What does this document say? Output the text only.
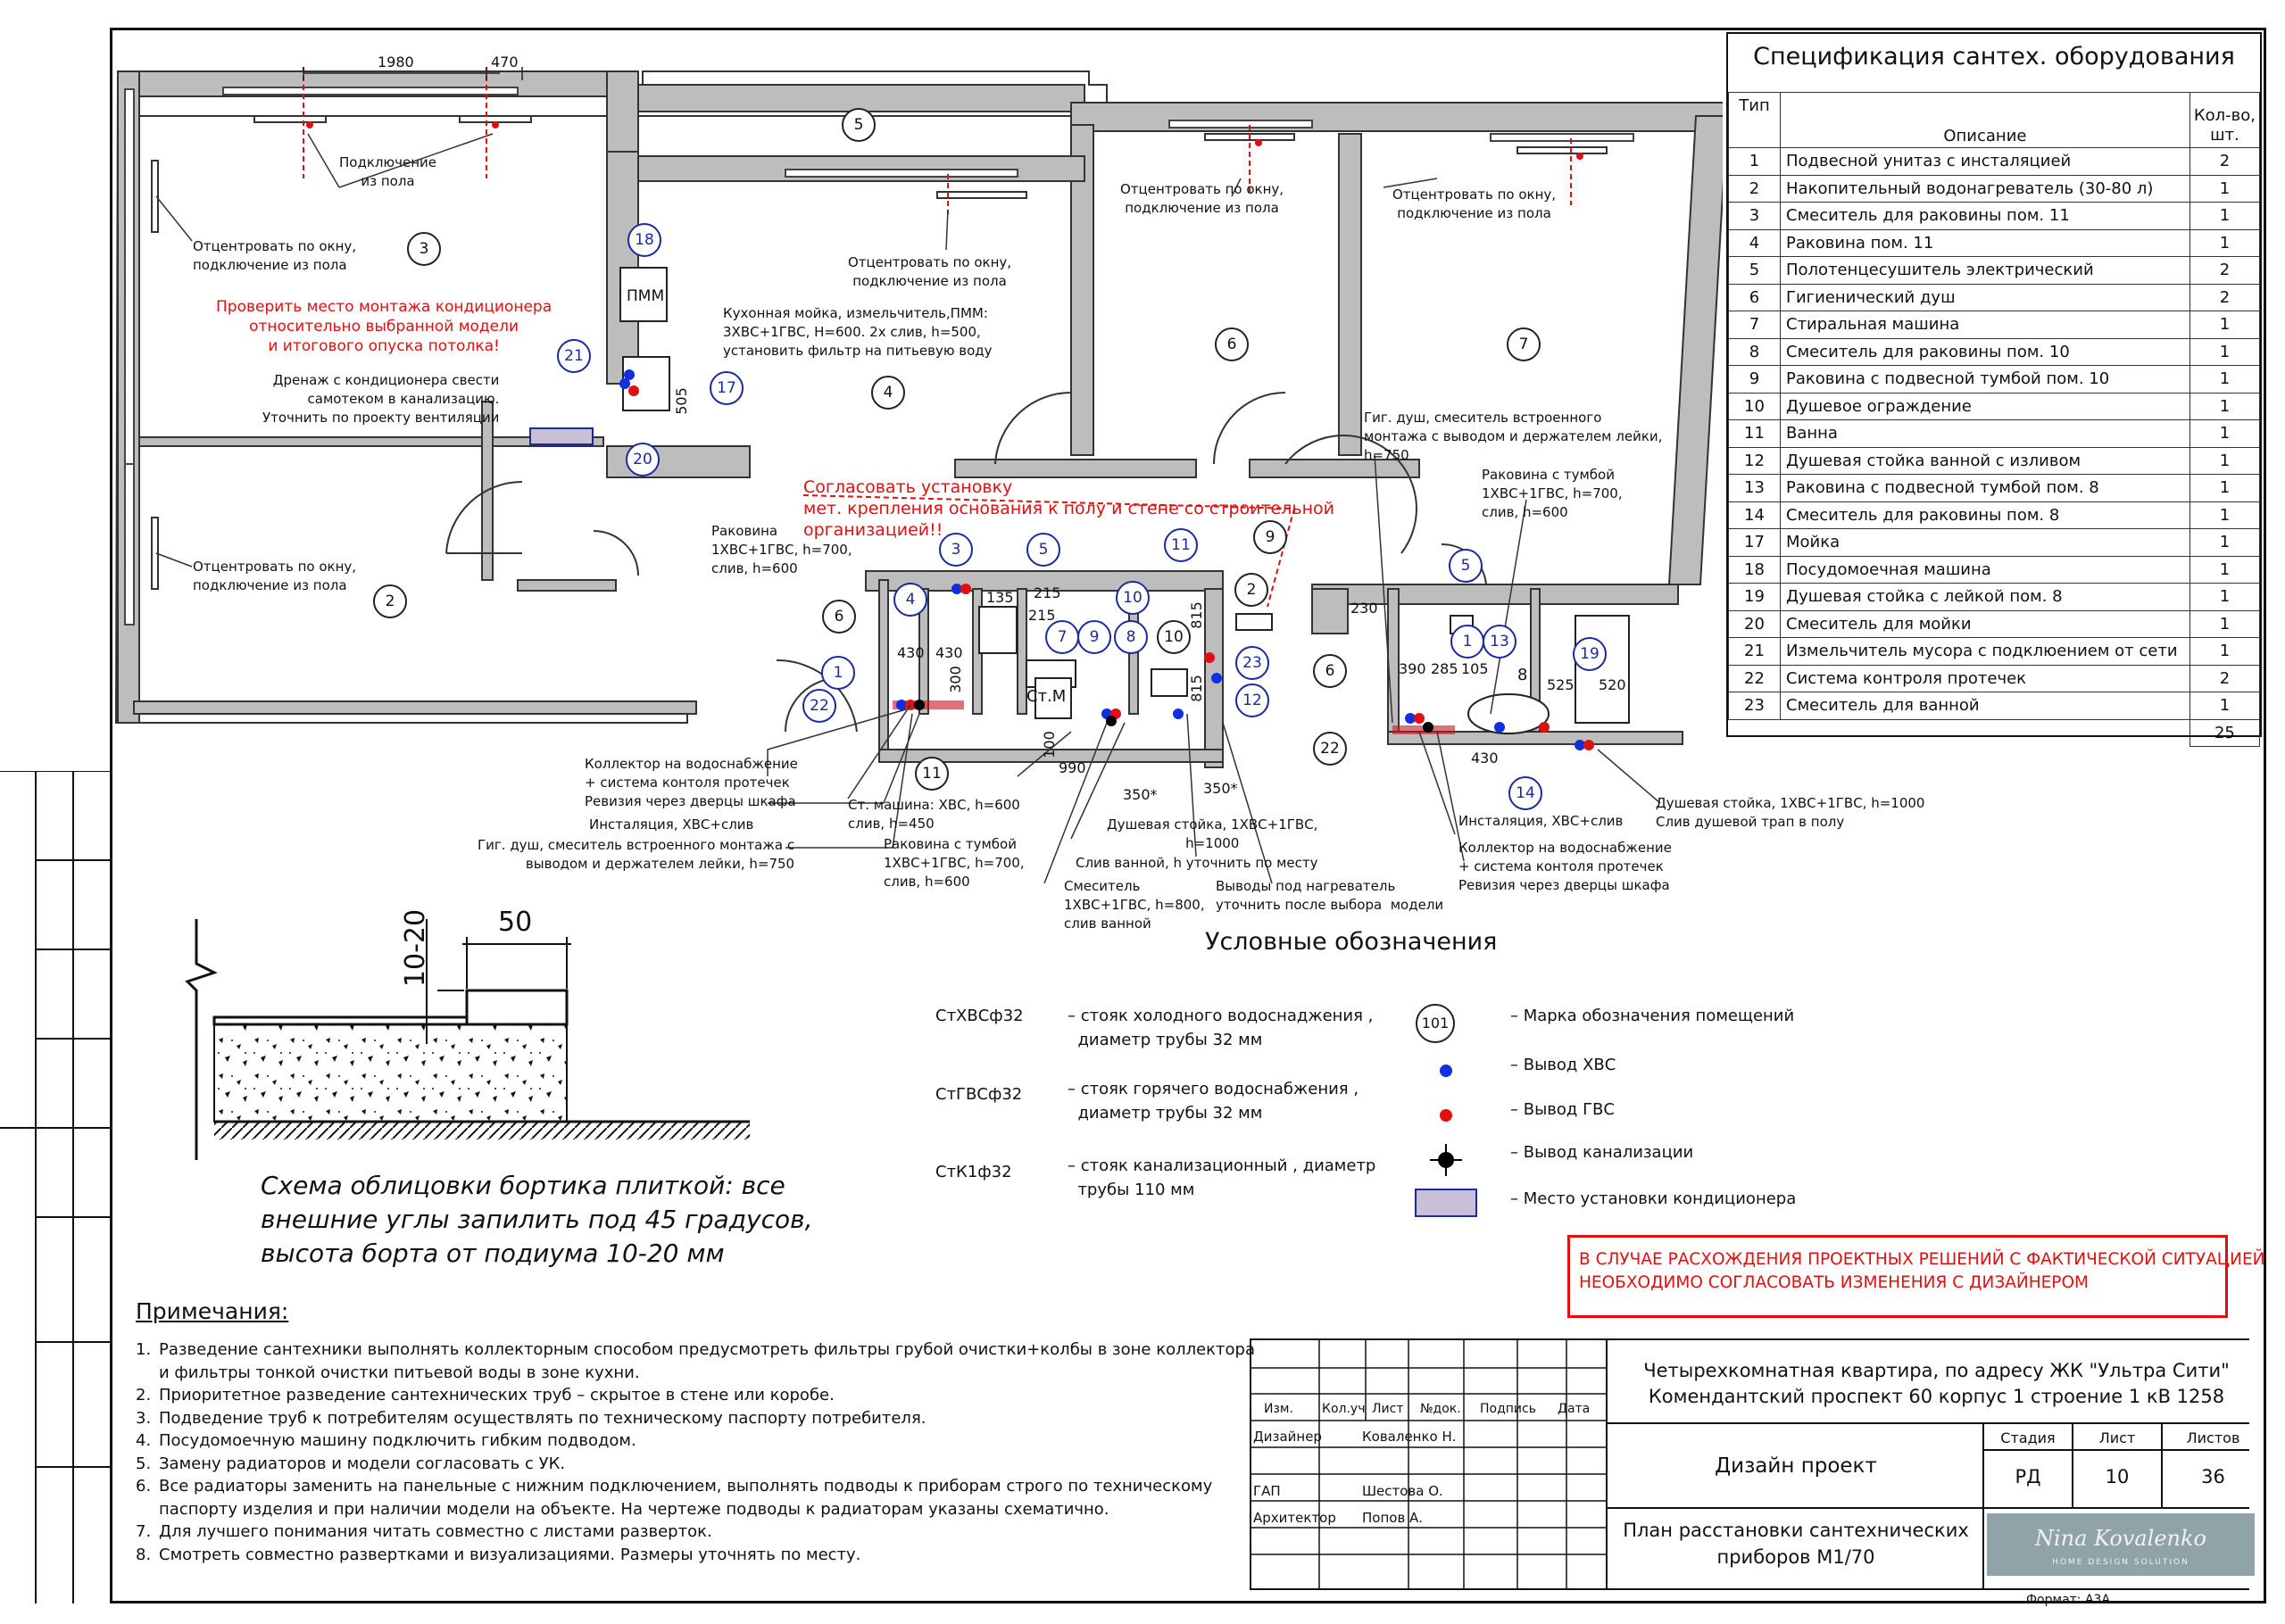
1980	470
505
135 215
215
430 430
300
100
990
350*	350*
815
815
230
390 285 105
525 520
430
Подключение
из пола
Отцентровать по окну,
подключение из пола
Отцентровать по окну,
подключение из пола
Отцентровать по окну,
подключение из пола
Отцентровать по окну,
подключение из пола
Отцентровать по окну,
подключение из пола
Проверить место монтажа кондиционера
относительно выбранной модели
и итогового опуска потолка!
Дренаж с кондиционера свести
самотеком в канализацию.
Уточнить по проекту вентиляции
Кухонная мойка, измельчитель,ПММ:
3ХВС+1ГВС, Н=600. 2х слив, h=500,
установить фильтр на питьевую воду
Согласовать установку
мет. крепления основания к полу и стене со строительной
организацией!!
Раковина
1ХВС+1ГВС, h=700,
слив, h=600
Гиг. душ, смеситель встроенного
монтажа с выводом и держателем лейки,
h=750
Раковина с тумбой
1ХВС+1ГВС, h=700,
слив, h=600
Коллектор на водоснабжение
+ система контоля протечек
Ревизия через дверцы шкафа
Инсталяция, ХВС+слив
Гиг. душ, смеситель встроенного монтажа с
выводом и держателем лейки, h=750
Ст. машина: ХВС, h=600
слив, h=450
Раковина с тумбой
1ХВС+1ГВС, h=700,
слив, h=600
Душевая стойка, 1ХВС+1ГВС,
h=1000
Слив ванной, h уточнить по месту
Смеситель
1ХВС+1ГВС, h=800,
слив ванной
Выводы под нагреватель
уточнить после выбора  модели
Инсталяция, ХВС+слив
Коллектор на водоснабжение
+ система контоля протечек
Ревизия через дверцы шкафа
Душевая стойка, 1ХВС+1ГВС, h=1000
Слив душевой трап в полу
ПММ
Ст.М
2
3
4
5
6	7
9
18
21
17
20
3	5	11
4
6
1
22
2
10
7	9	8	10
23
12
11
5
1	13
6	8
19
22
14
10-20 50
Схема облицовки бортика плиткой: все
внешние углы запилить под 45 градусов,
высота борта от подиума 10-20 мм
Спецификация сантех. оборудования
Тип	Описание	Кол-во,
шт.
1	Подвесной унитаз с инсталяцией	2
2	Накопительный водонагреватель (30-80 л)	1
3	Смеситель для раковины пом. 11	1
4	Раковина пом. 11	1
5	Полотенцесушитель электрический	2
6	Гигиенический душ	2
7	Стиральная машина	1
8	Смеситель для раковины пом. 10	1
9	Раковина с подвесной тумбой пом. 10	1
10	Душевое ограждение	1
11	Ванна	1
12	Душевая стойка ванной с изливом	1
13	Раковина с подвесной тумбой пом. 8	1
14	Смеситель для раковины пом. 8	1
17	Мойка	1
18	Посудомоечная машина	1
19	Душевая стойка с лейкой пом. 8	1
20	Смеситель для мойки	1
21	Измельчитель мусора с подклюением от сети	1
22	Система контроля протечек	2
23	Смеситель для ванной	1
		25
Условные обозначения
СтХВСф32	– стояк холодного водоснаджения ,
диаметр трубы 32 мм
СтГВСф32	– стояк горячего водоснабжения ,
диаметр трубы 32 мм
СтК1ф32	– стояк канализационный , диаметр
трубы 110 мм
101	– Марка обозначения помещений
– Вывод ХВС
– Вывод ГВС
– Вывод канализации
– Место установки кондиционера
В СЛУЧАЕ РАСХОЖДЕНИЯ ПРОЕКТНЫХ РЕШЕНИЙ С ФАКТИЧЕСКОЙ СИТУАЦИЕЙ
НЕОБХОДИМО СОГЛАСОВАТЬ ИЗМЕНЕНИЯ С ДИЗАЙНЕРОМ
Примечания:
1. Разведение сантехники выполнять коллекторным способом предусмотреть фильтры грубой очистки+колбы в зоне коллектора
и фильтры тонкой очистки питьевой воды в зоне кухни.
2. Приоритетное разведение сантехнических труб – скрытое в стене или коробе.
3. Подведение труб к потребителям осуществлять по техническому паспорту потребителя.
4. Посудомоечную машину подключить гибким подводом.
5. Замену радиаторов и модели согласовать с УК.
6. Все радиаторы заменить на панельные с нижним подключением, выполнять подводы к приборам строго по техническому
паспорту изделия и при наличии модели на объекте. На чертеже подводы к радиаторам указаны схематично.
7. Для лучшего понимания читать совместно с листами разверток.
8. Смотреть совместно развертками и визуализациями. Размеры уточнять по месту.
Изм. Кол.уч Лист №док. Подпись Дата
Дизайнер	Коваленко Н.
ГАП	Шестова О.
Архитектор Попов А.
Четырехкомнатная квартира, по адресу ЖК "Ультра Сити"
Комендантский проспект 60 корпус 1 строение 1 кВ 1258
Дизайн проект
План расстановки сантехнических
приборов М1/70
Стадия
РД
Лист
10
Листов
36
Nina Kovalenko
HOME DESIGN SOLUTION
Формат: А3А
